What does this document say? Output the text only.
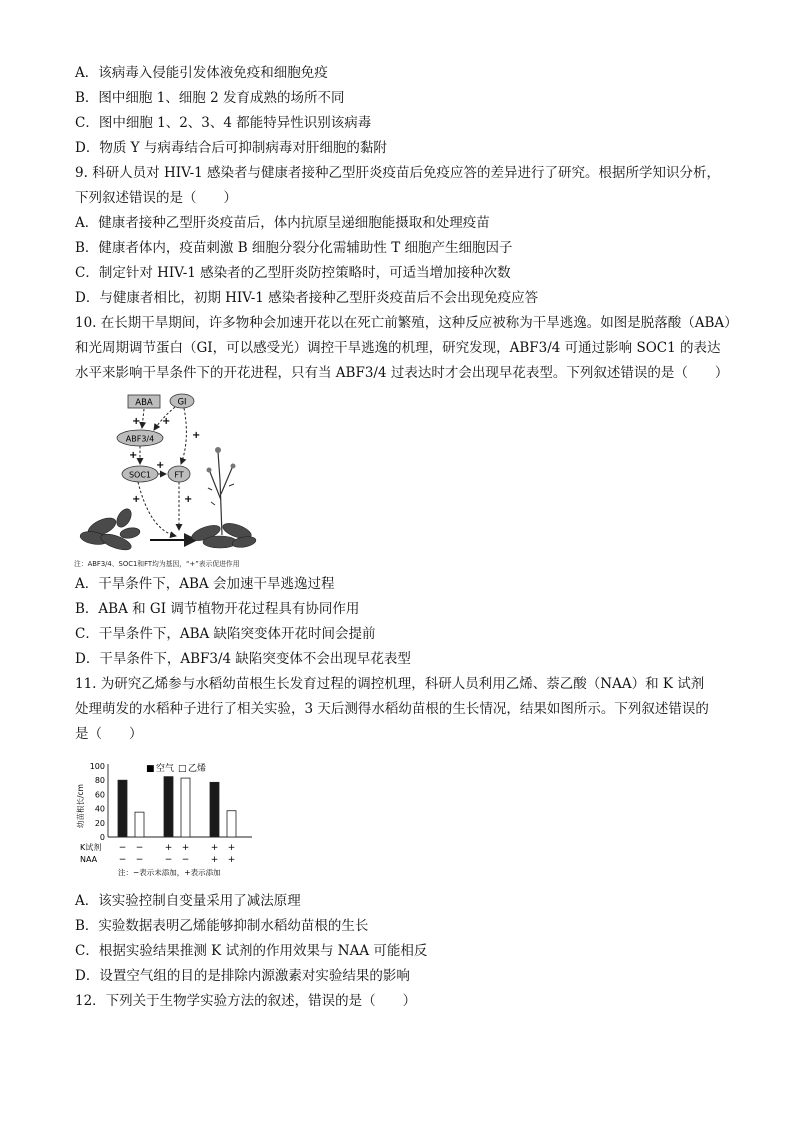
A．该病毒入侵能引发体液免疫和细胞免疫
B．图中细胞 1、细胞 2 发育成熟的场所不同
C．图中细胞 1、2、3、4 都能特异性识别该病毒
D．物质 Y 与病毒结合后可抑制病毒对肝细胞的黏附
9. 科研人员对 HIV-1 感染者与健康者接种乙型肝炎疫苗后免疫应答的差异进行了研究。根据所学知识分析，
下列叙述错误的是（　　）
A．健康者接种乙型肝炎疫苗后，体内抗原呈递细胞能摄取和处理疫苗
B．健康者体内，疫苗刺激 B 细胞分裂分化需辅助性 T 细胞产生细胞因子
C．制定针对 HIV-1 感染者的乙型肝炎防控策略时，可适当增加接种次数
D．与健康者相比，初期 HIV-1 感染者接种乙型肝炎疫苗后不会出现免疫应答
10. 在长期干旱期间，许多物种会加速开花以在死亡前繁殖，这种反应被称为干旱逃逸。如图是脱落酸（ABA）
和光周期调节蛋白（GI，可以感受光）调控干旱逃逸的机理，研究发现，ABF3/4 可通过影响 SOC1 的表达
水平来影响干旱条件下的开花进程，只有当 ABF3/4 过表达时才会出现早花表型。下列叙述错误的是（　　）
ABA	GI
ABF3/4
SOC1	FT
+ +
+
+
+
+	+
注：ABF3/4、SOC1和FT均为基因，“+”表示促进作用
A．干旱条件下，ABA 会加速干旱逃逸过程
B．ABA 和 GI 调节植物开花过程具有协同作用
C．干旱条件下，ABA 缺陷突变体开花时间会提前
D．干旱条件下，ABF3/4 缺陷突变体不会出现早花表型
11. 为研究乙烯参与水稻幼苗根生长发育过程的调控机理，科研人员利用乙烯、萘乙酸（NAA）和 K 试剂
处理萌发的水稻种子进行了相关实验，3 天后测得水稻幼苗根的生长情况，结果如图所示。下列叙述错误的
是（　　）
幼苗根长/cm
0
20
40
60
80
100	■ 空气 □ 乙烯
K试剂
NAA
− − + + + +
− − − − + +
注：−表示未添加，+表示添加
A．该实验控制自变量采用了减法原理
B．实验数据表明乙烯能够抑制水稻幼苗根的生长
C．根据实验结果推测 K 试剂的作用效果与 NAA 可能相反
D．设置空气组的目的是排除内源激素对实验结果的影响
12．下列关于生物学实验方法的叙述，错误的是（　　）
